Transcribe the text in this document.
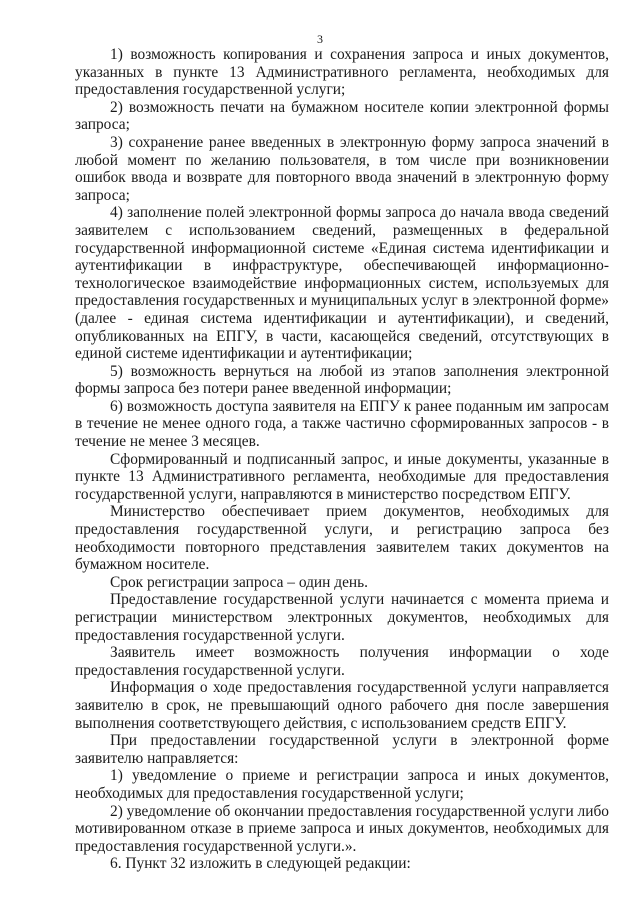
3

1) возможность копирования и сохранения запроса и иных документов, указанных в пункте 13 Административного регламента, необходимых для предоставления государственной услуги;

2) возможность печати на бумажном носителе копии электронной формы запроса;

3) сохранение ранее введенных в электронную форму запроса значений в любой момент по желанию пользователя, в том числе при возникновении ошибок ввода и возврате для повторного ввода значений в электронную форму запроса;

4) заполнение полей электронной формы запроса до начала ввода сведений заявителем с использованием сведений, размещенных в федеральной государственной информационной системе «Единая система идентификации и аутентификации в инфраструктуре, обеспечивающей информационно-технологическое взаимодействие информационных систем, используемых для предоставления государственных и муниципальных услуг в электронной форме» (далее - единая система идентификации и аутентификации), и сведений, опубликованных на ЕПГУ, в части, касающейся сведений, отсутствующих в единой системе идентификации и аутентификации;

5) возможность вернуться на любой из этапов заполнения электронной формы запроса без потери ранее введенной информации;

6) возможность доступа заявителя на ЕПГУ к ранее поданным им запросам в течение не менее одного года, а также частично сформированных запросов - в течение не менее 3 месяцев.

Сформированный и подписанный запрос, и иные документы, указанные в пункте 13 Административного регламента, необходимые для предоставления государственной услуги, направляются в министерство посредством ЕПГУ.

Министерство обеспечивает прием документов, необходимых для предоставления государственной услуги, и регистрацию запроса без необходимости повторного представления заявителем таких документов на бумажном носителе.

Срок регистрации запроса – один день.

Предоставление государственной услуги начинается с момента приема и регистрации министерством электронных документов, необходимых для предоставления государственной услуги.

Заявитель имеет возможность получения информации о ходе предоставления государственной услуги.

Информация о ходе предоставления государственной услуги направляется заявителю в срок, не превышающий одного рабочего дня после завершения выполнения соответствующего действия, с использованием средств ЕПГУ.

При предоставлении государственной услуги в электронной форме заявителю направляется:

1) уведомление о приеме и регистрации запроса и иных документов, необходимых для предоставления государственной услуги;

2) уведомление об окончании предоставления государственной услуги либо мотивированном отказе в приеме запроса и иных документов, необходимых для предоставления государственной услуги.».

6. Пункт 32 изложить в следующей редакции:
